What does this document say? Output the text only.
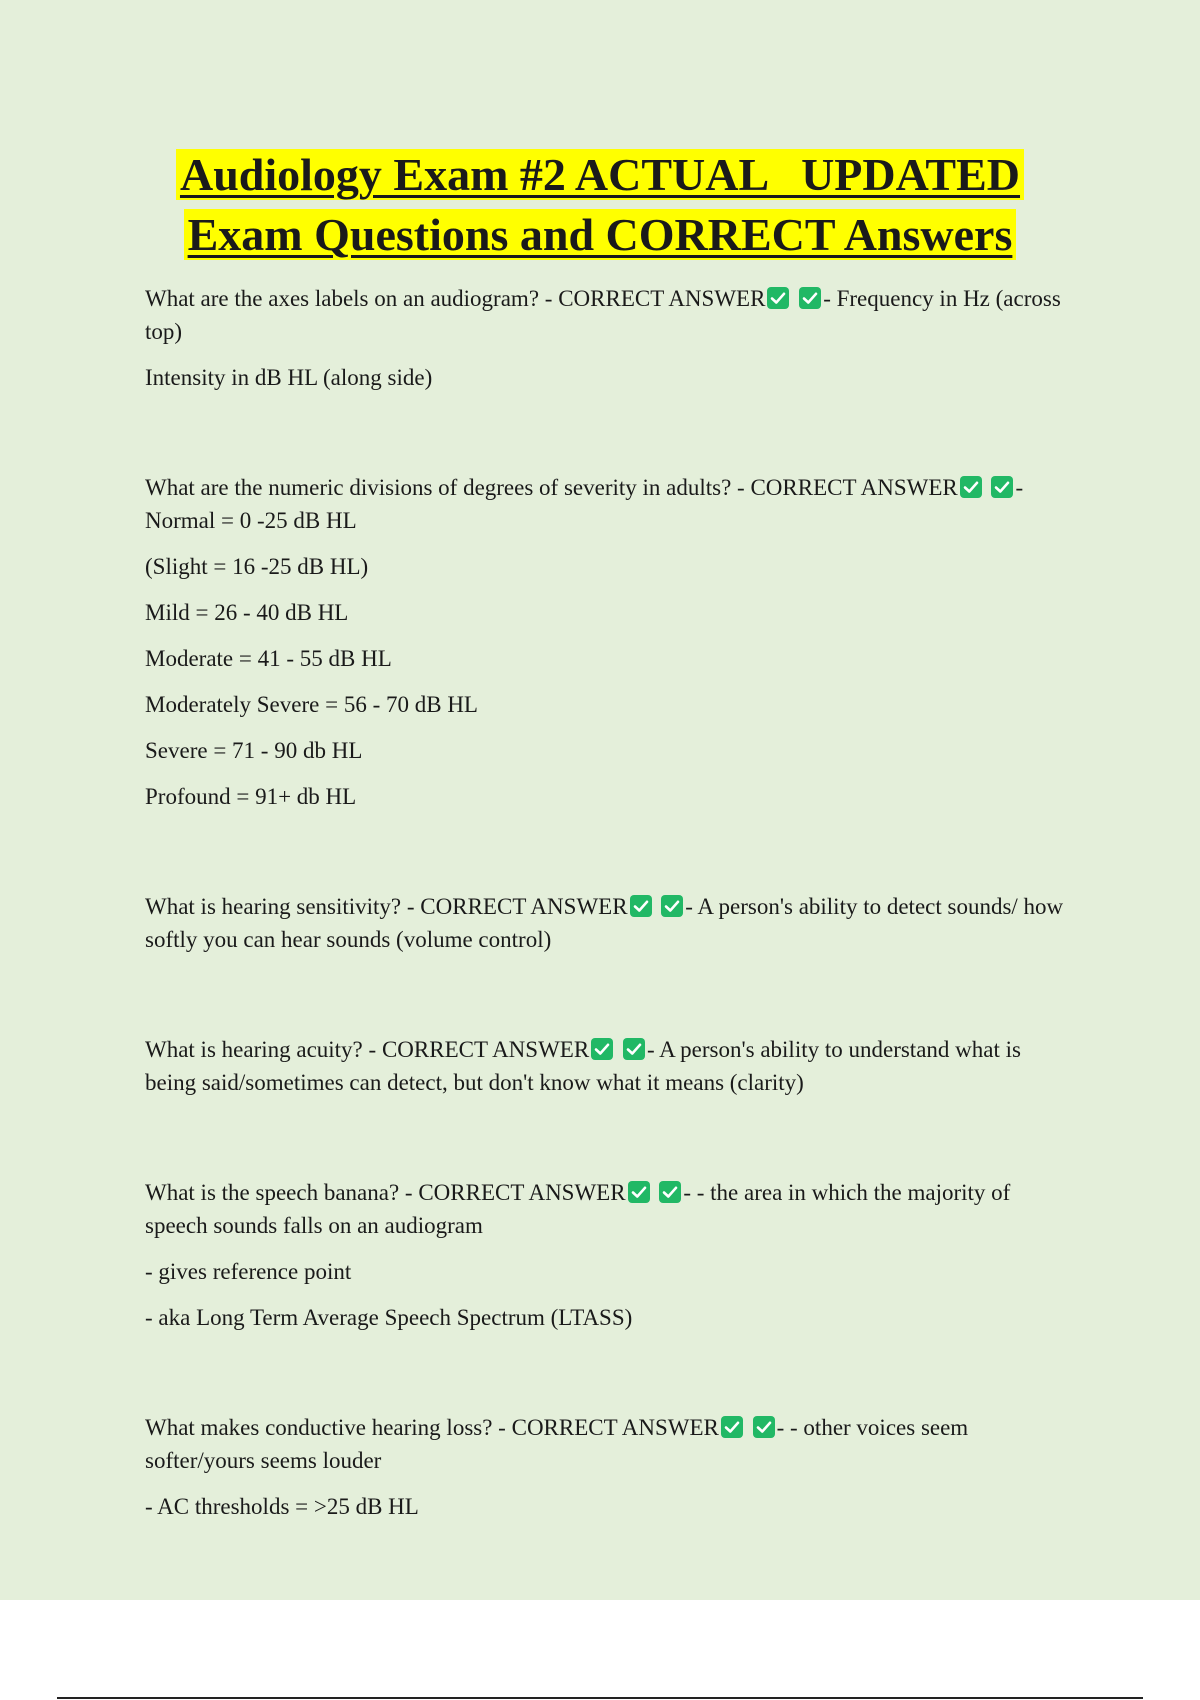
Audiology Exam #2 ACTUAL   UPDATED
Exam Questions and CORRECT Answers
What are the axes labels on an audiogram? - CORRECT ANSWER
	- Frequency in Hz (across top)
Intensity in dB HL (along side)
What are the numeric divisions of degrees of severity in adults? - CORRECT ANSWER
	- Normal = 0 -25 dB HL
(Slight = 16 -25 dB HL)
Mild = 26 - 40 dB HL
Moderate = 41 - 55 dB HL
Moderately Severe = 56 - 70 dB HL
Severe = 71 - 90 db HL
Profound = 91+ db HL
What is hearing sensitivity? - CORRECT ANSWER
	- A person's ability to detect sounds/ how softly you can hear sounds (volume control)
What is hearing acuity? - CORRECT ANSWER
	- A person's ability to understand what is being said/sometimes can detect, but don't know what it means (clarity)
What is the speech banana? - CORRECT ANSWER
	- - the area in which the majority of speech sounds falls on an audiogram
- gives reference point
- aka Long Term Average Speech Spectrum (LTASS)
What makes conductive hearing loss? - CORRECT ANSWER
	- - other voices seem softer/yours seems louder
- AC thresholds = >25 dB HL
